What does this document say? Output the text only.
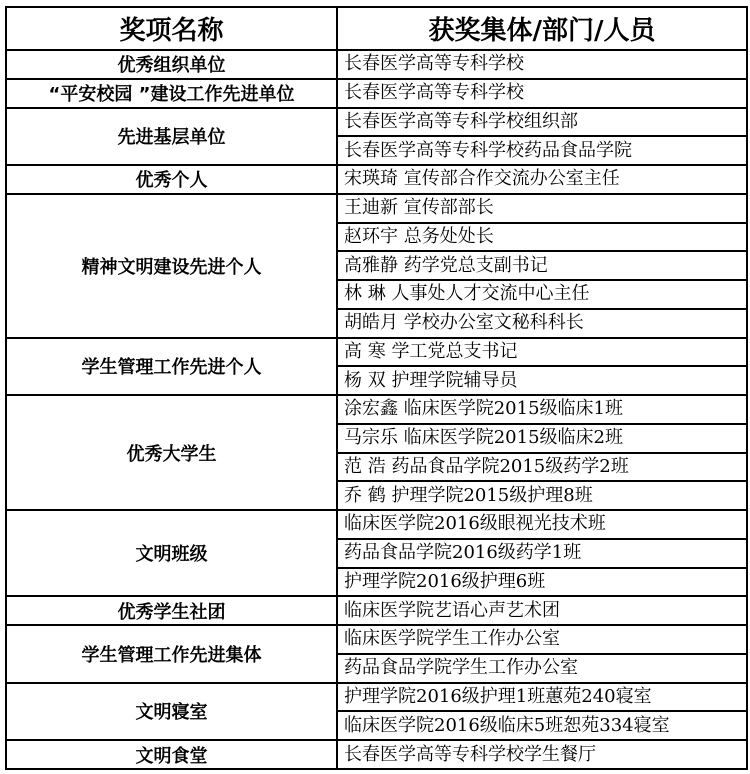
奖项名称	获奖集体/部门/人员
优秀组织单位	长春医学高等专科学校
“平安校园 ”建设工作先进单位	长春医学高等专科学校
先进基层单位	长春医学高等专科学校组织部
	长春医学高等专科学校药品食品学院
优秀个人	宋瑛琦 宣传部合作交流办公室主任
精神文明建设先进个人	王迪新 宣传部部长
	赵环宇 总务处处长
	高雅静 药学党总支副书记
	林 琳 人事处人才交流中心主任
	胡皓月 学校办公室文秘科科长
学生管理工作先进个人	高 寒 学工党总支书记
	杨 双 护理学院辅导员
优秀大学生	涂宏鑫 临床医学院2015级临床1班
	马宗乐 临床医学院2015级临床2班
	范 浩 药品食品学院2015级药学2班
	乔 鹤 护理学院2015级护理8班
文明班级	临床医学院2016级眼视光技术班
	药品食品学院2016级药学1班
	护理学院2016级护理6班
优秀学生社团	临床医学院艺语心声艺术团
学生管理工作先进集体	临床医学院学生工作办公室
	药品食品学院学生工作办公室
文明寝室	护理学院2016级护理1班蕙苑240寝室
	临床医学院2016级临床5班恕苑334寝室
文明食堂	长春医学高等专科学校学生餐厅
